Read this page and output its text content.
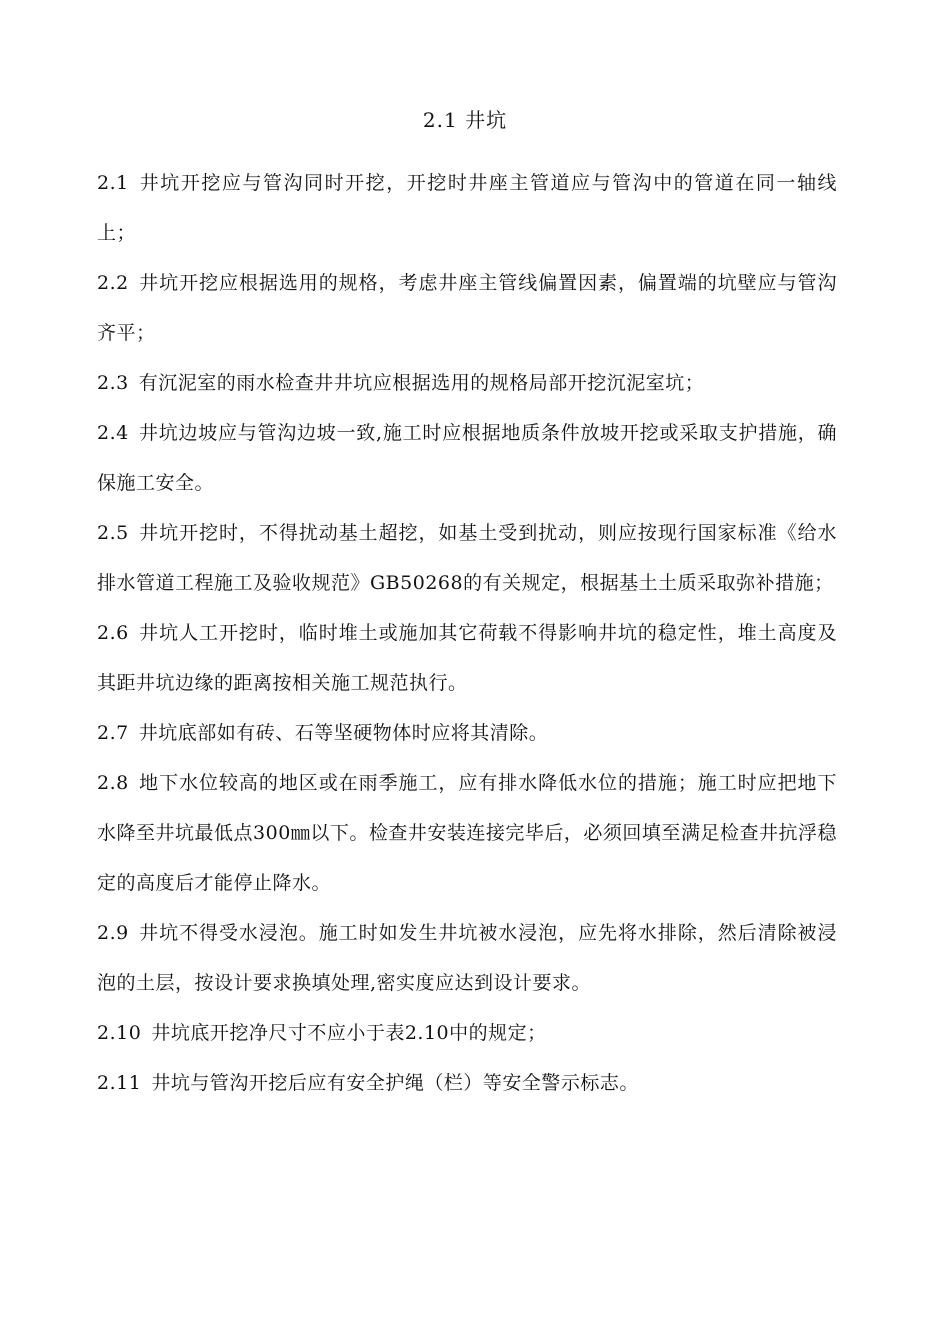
2.1 井坑

2.1 井坑开挖应与管沟同时开挖，开挖时井座主管道应与管沟中的管道在同一轴线上；

2.2 井坑开挖应根据选用的规格，考虑井座主管线偏置因素，偏置端的坑壁应与管沟齐平；

2.3 有沉泥室的雨水检查井井坑应根据选用的规格局部开挖沉泥室坑；

2.4 井坑边坡应与管沟边坡一致,施工时应根据地质条件放坡开挖或采取支护措施，确保施工安全。

2.5 井坑开挖时，不得扰动基土超挖，如基土受到扰动，则应按现行国家标准《给水排水管道工程施工及验收规范》GB50268的有关规定，根据基土土质采取弥补措施；

2.6 井坑人工开挖时，临时堆土或施加其它荷载不得影响井坑的稳定性，堆土高度及其距井坑边缘的距离按相关施工规范执行。

2.7 井坑底部如有砖、石等坚硬物体时应将其清除。

2.8 地下水位较高的地区或在雨季施工，应有排水降低水位的措施；施工时应把地下水降至井坑最低点300㎜以下。检查井安装连接完毕后，必须回填至满足检查井抗浮稳定的高度后才能停止降水。

2.9 井坑不得受水浸泡。施工时如发生井坑被水浸泡，应先将水排除，然后清除被浸泡的土层，按设计要求换填处理,密实度应达到设计要求。

2.10 井坑底开挖净尺寸不应小于表2.10中的规定；

2.11 井坑与管沟开挖后应有安全护绳（栏）等安全警示标志。
